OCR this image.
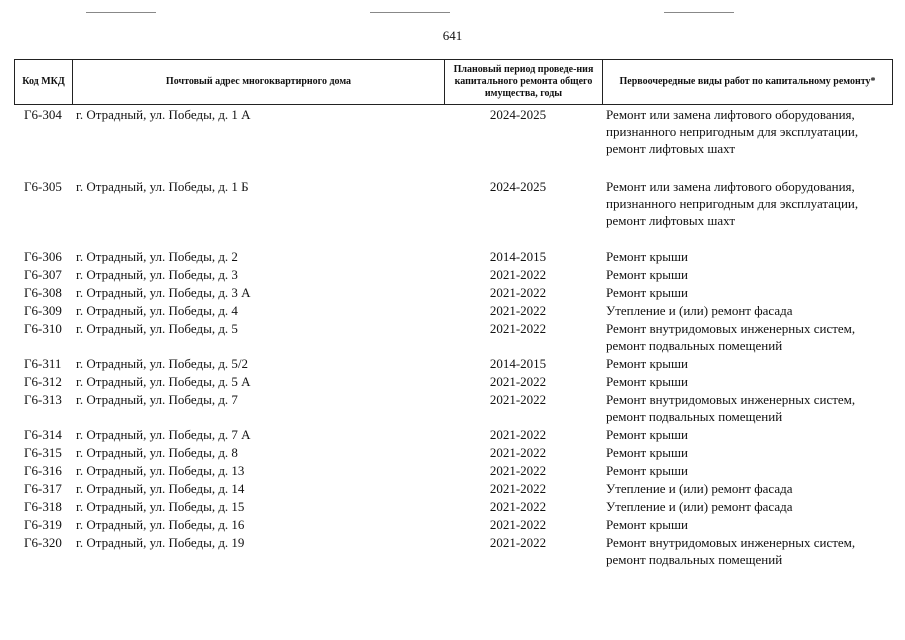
641
Код МКД	Почтовый адрес многоквартирного дома	Плановый период проведе-ния капитального ремонта общего имущества, годы	Первоочередные виды работ по капитальному ремонту*
Г6-304 г. Отрадный, ул. Победы, д. 1 А	2024-2025	Ремонт или замена лифтового оборудования,
признанного непригодным для эксплуатации,
ремонт лифтовых шахт
Г6-305 г. Отрадный, ул. Победы, д. 1 Б	2024-2025	Ремонт или замена лифтового оборудования,
признанного непригодным для эксплуатации,
ремонт лифтовых шахт
Г6-306 г. Отрадный, ул. Победы, д. 2	2014-2015	Ремонт крыши
Г6-307 г. Отрадный, ул. Победы, д. 3	2021-2022	Ремонт крыши
Г6-308 г. Отрадный, ул. Победы, д. 3 А	2021-2022	Ремонт крыши
Г6-309 г. Отрадный, ул. Победы, д. 4	2021-2022	Утепление и (или) ремонт фасада
Г6-310 г. Отрадный, ул. Победы, д. 5	2021-2022	Ремонт внутридомовых инженерных систем,
ремонт подвальных помещений
Г6-311 г. Отрадный, ул. Победы, д. 5/2	2014-2015	Ремонт крыши
Г6-312 г. Отрадный, ул. Победы, д. 5 А	2021-2022	Ремонт крыши
Г6-313 г. Отрадный, ул. Победы, д. 7	2021-2022	Ремонт внутридомовых инженерных систем,
ремонт подвальных помещений
Г6-314 г. Отрадный, ул. Победы, д. 7 А	2021-2022	Ремонт крыши
Г6-315 г. Отрадный, ул. Победы, д. 8	2021-2022	Ремонт крыши
Г6-316 г. Отрадный, ул. Победы, д. 13	2021-2022	Ремонт крыши
Г6-317 г. Отрадный, ул. Победы, д. 14	2021-2022	Утепление и (или) ремонт фасада
Г6-318 г. Отрадный, ул. Победы, д. 15	2021-2022	Утепление и (или) ремонт фасада
Г6-319 г. Отрадный, ул. Победы, д. 16	2021-2022	Ремонт крыши
Г6-320 г. Отрадный, ул. Победы, д. 19	2021-2022	Ремонт внутридомовых инженерных систем,
ремонт подвальных помещений
